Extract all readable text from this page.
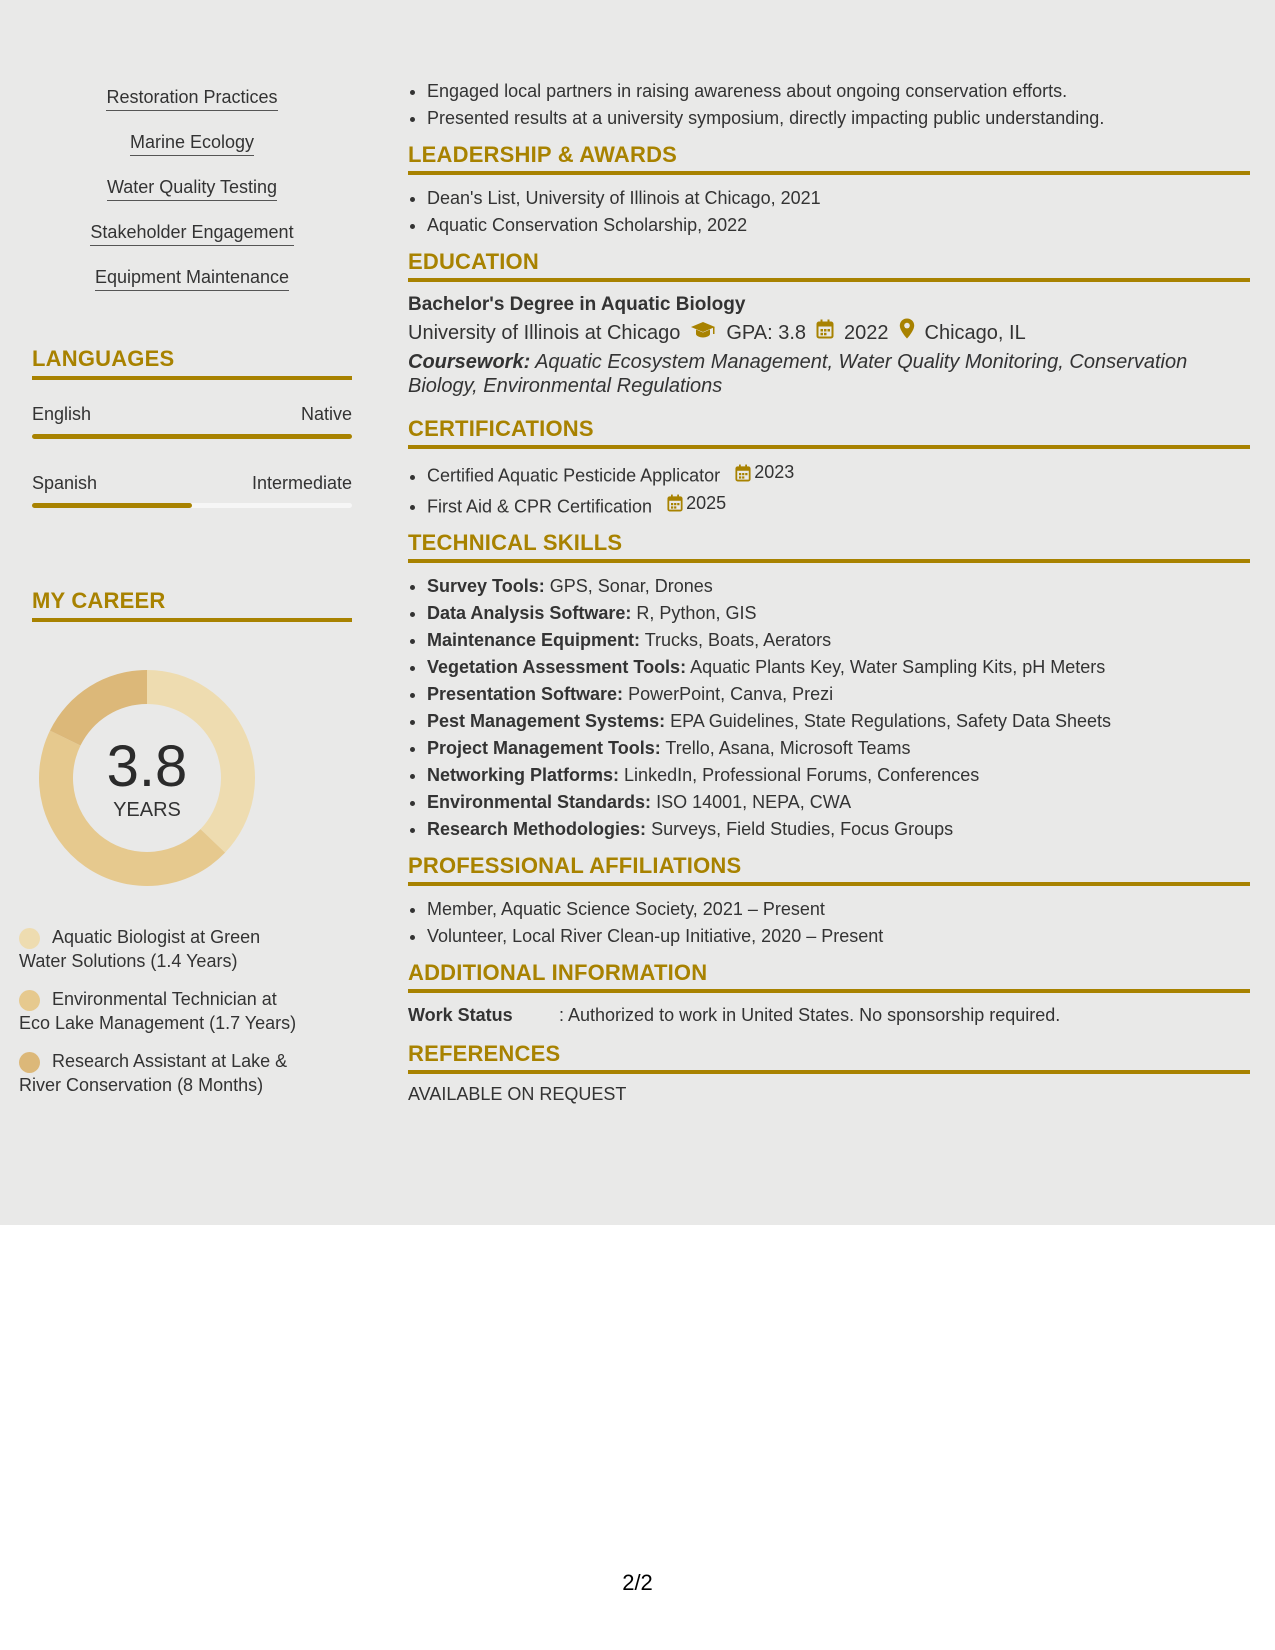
Restoration Practices
Marine Ecology
Water Quality Testing
Stakeholder Engagement
Equipment Maintenance
LANGUAGES
English	Native
Spanish	Intermediate
MY CAREER
3.8
YEARS
Aquatic Biologist at Green Water Solutions (1.4 Years)
Environmental Technician at Eco Lake Management (1.7 Years)
Research Assistant at Lake & River Conservation (8 Months)
• Engaged local partners in raising awareness about ongoing conservation efforts.
• Presented results at a university symposium, directly impacting public understanding.
LEADERSHIP & AWARDS
• Dean's List, University of Illinois at Chicago, 2021
• Aquatic Conservation Scholarship, 2022
EDUCATION
Bachelor's Degree in Aquatic Biology
University of Illinois at Chicago GPA: 3.8 2022 Chicago, IL
Coursework: Aquatic Ecosystem Management, Water Quality Monitoring, Conservation Biology, Environmental Regulations
CERTIFICATIONS
• Certified Aquatic Pesticide Applicator 2023
• First Aid & CPR Certification 2025
TECHNICAL SKILLS
• Survey Tools: GPS, Sonar, Drones
• Data Analysis Software: R, Python, GIS
• Maintenance Equipment: Trucks, Boats, Aerators
• Vegetation Assessment Tools: Aquatic Plants Key, Water Sampling Kits, pH Meters
• Presentation Software: PowerPoint, Canva, Prezi
• Pest Management Systems: EPA Guidelines, State Regulations, Safety Data Sheets
• Project Management Tools: Trello, Asana, Microsoft Teams
• Networking Platforms: LinkedIn, Professional Forums, Conferences
• Environmental Standards: ISO 14001, NEPA, CWA
• Research Methodologies: Surveys, Field Studies, Focus Groups
PROFESSIONAL AFFILIATIONS
• Member, Aquatic Science Society, 2021 – Present
• Volunteer, Local River Clean-up Initiative, 2020 – Present
ADDITIONAL INFORMATION
Work Status	: Authorized to work in United States. No sponsorship required.
REFERENCES
AVAILABLE ON REQUEST
2/2
